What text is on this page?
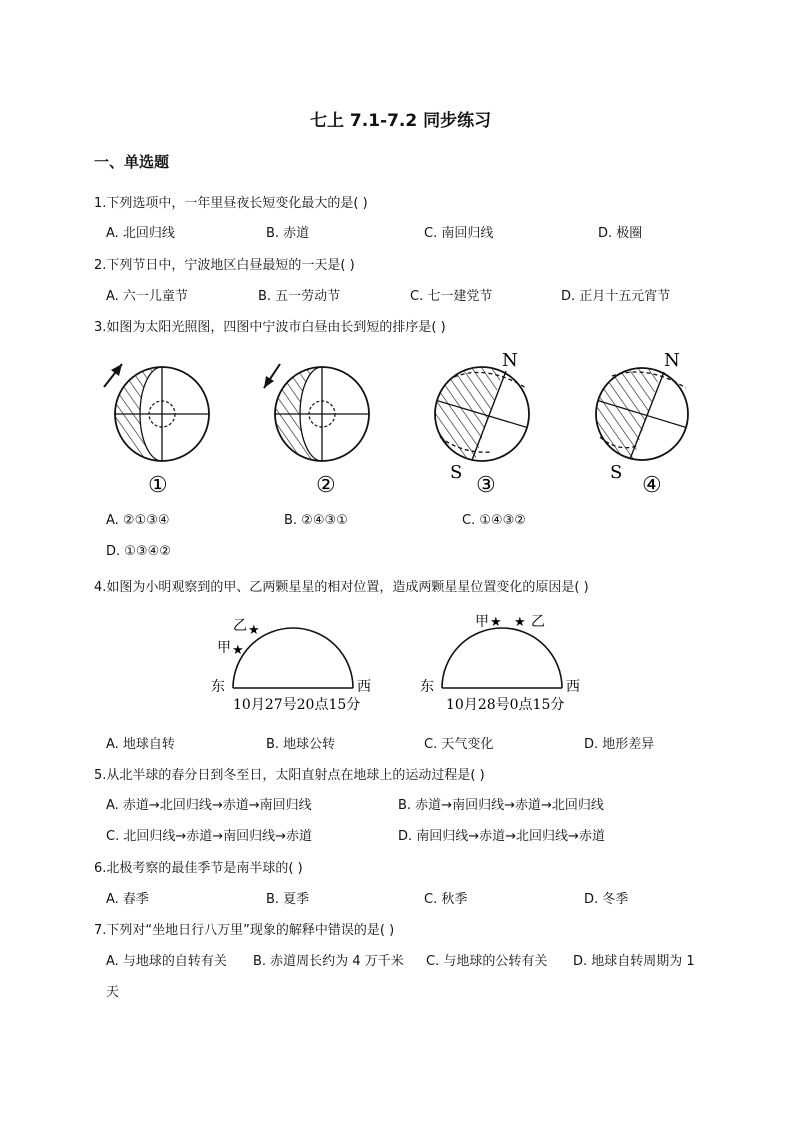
七上 7.1-7.2 同步练习
一、单选题
1.下列选项中，一年里昼夜长短变化最大的是( )
A. 北回归线	B. 赤道	C. 南回归线	D. 极圈
2.下列节日中，宁波地区白昼最短的一天是( )
A. 六一儿童节	B. 五一劳动节	C. 七一建党节	D. 正月十五元宵节
3.如图为太阳光照图，四图中宁波市白昼由长到短的排序是( )
N
S
N
S
①	②	③	④
A. ②①③④	B. ②④③①	C. ①④③②
D. ①③④②
4.如图为小明观察到的甲、乙两颗星星的相对位置，造成两颗星星位置变化的原因是( )
乙 ★
甲 ★
东	西
10月27号20点15分
甲 ★ ★ 乙
东	西
10月28号0点15分
A. 地球自转	B. 地球公转	C. 天气变化	D. 地形差异
5.从北半球的春分日到冬至日，太阳直射点在地球上的运动过程是( )
A. 赤道→北回归线→赤道→南回归线	B. 赤道→南回归线→赤道→北回归线
C. 北回归线→赤道→南回归线→赤道	D. 南回归线→赤道→北回归线→赤道
6.北极考察的最佳季节是南半球的( )
A. 春季	B. 夏季	C. 秋季	D. 冬季
7.下列对“坐地日行八万里”现象的解释中错误的是( )
A. 与地球的自转有关 B. 赤道周长约为 4 万千米 C. 与地球的公转有关 D. 地球自转周期为 1
天
